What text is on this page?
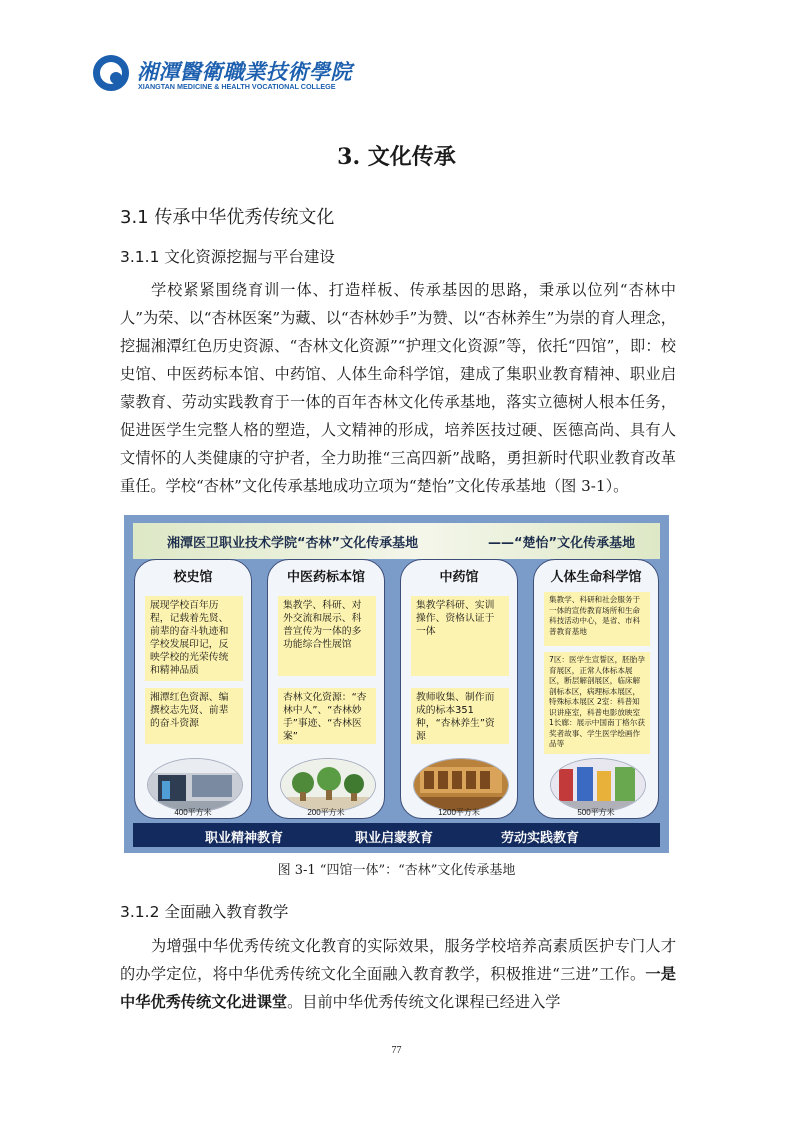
湘潭醫衛職業技術學院
XIANGTAN MEDICINE & HEALTH VOCATIONAL COLLEGE
3. 文化传承
3.1 传承中华优秀传统文化
3.1.1 文化资源挖掘与平台建设

学校紧紧围绕育训一体、打造样板、传承基因的思路，秉承以位列“杏林中人”为荣、以“杏林医案”为藏、以“杏林妙手”为赞、以“杏林养生”为崇的育人理念，挖掘湘潭红色历史资源、“杏林文化资源”“护理文化资源”等，依托“四馆”，即：校史馆、中医药标本馆、中药馆、人体生命科学馆，建成了集职业教育精神、职业启蒙教育、劳动实践教育于一体的百年杏林文化传承基地，落实立德树人根本任务，促进医学生完整人格的塑造，人文精神的形成，培养医技过硬、医德高尚、具有人文情怀的人类健康的守护者，全力助推“三高四新”战略，勇担新时代职业教育改革重任。学校“杏林”文化传承基地成功立项为“楚怡”文化传承基地（图 3-1）。

湘潭医卫职业技术学院“杏林”文化传承基地	——“楚怡”文化传承基地
校史馆
展现学校百年历程，记载着先贤、前辈的奋斗轨迹和学校发展印记，反映学校的光荣传统和精神品质
湘潭红色资源、编撰校志先贤、前辈的奋斗资源
400平方米
中医药标本馆
集教学、科研、对外交流和展示、科普宣传为一体的多功能综合性展馆
杏林文化资源：“杏林中人”、“杏林妙手”事迹、“杏林医案”
200平方米
中药馆
集教学科研、实训操作、资格认证于一体
教师收集、制作而成的标本351种，“杏林养生”资源
1200平方米
人体生命科学馆
集教学、科研和社会服务于一体的宣传教育场所和生命科技活动中心，是省、市科普教育基地
7区：医学生宣誓区，胚胎孕育展区，正常人体标本展区，断层解剖展区，临床解剖标本区，病理标本展区，特殊标本展区 2室：科普知识讲座室，科普电影放映室 1长廊：展示中国南丁格尔获奖者故事、学生医学绘画作品等
500平方米
职业精神教育	职业启蒙教育	劳动实践教育
图 3-1 “四馆一体”：“杏林”文化传承基地
3.1.2 全面融入教育教学

为增强中华优秀传统文化教育的实际效果，服务学校培养高素质医护专门人才的办学定位，将中华优秀传统文化全面融入教育教学，积极推进“三进”工作。一是中华优秀传统文化进课堂。目前中华优秀传统文化课程已经进入学

77
